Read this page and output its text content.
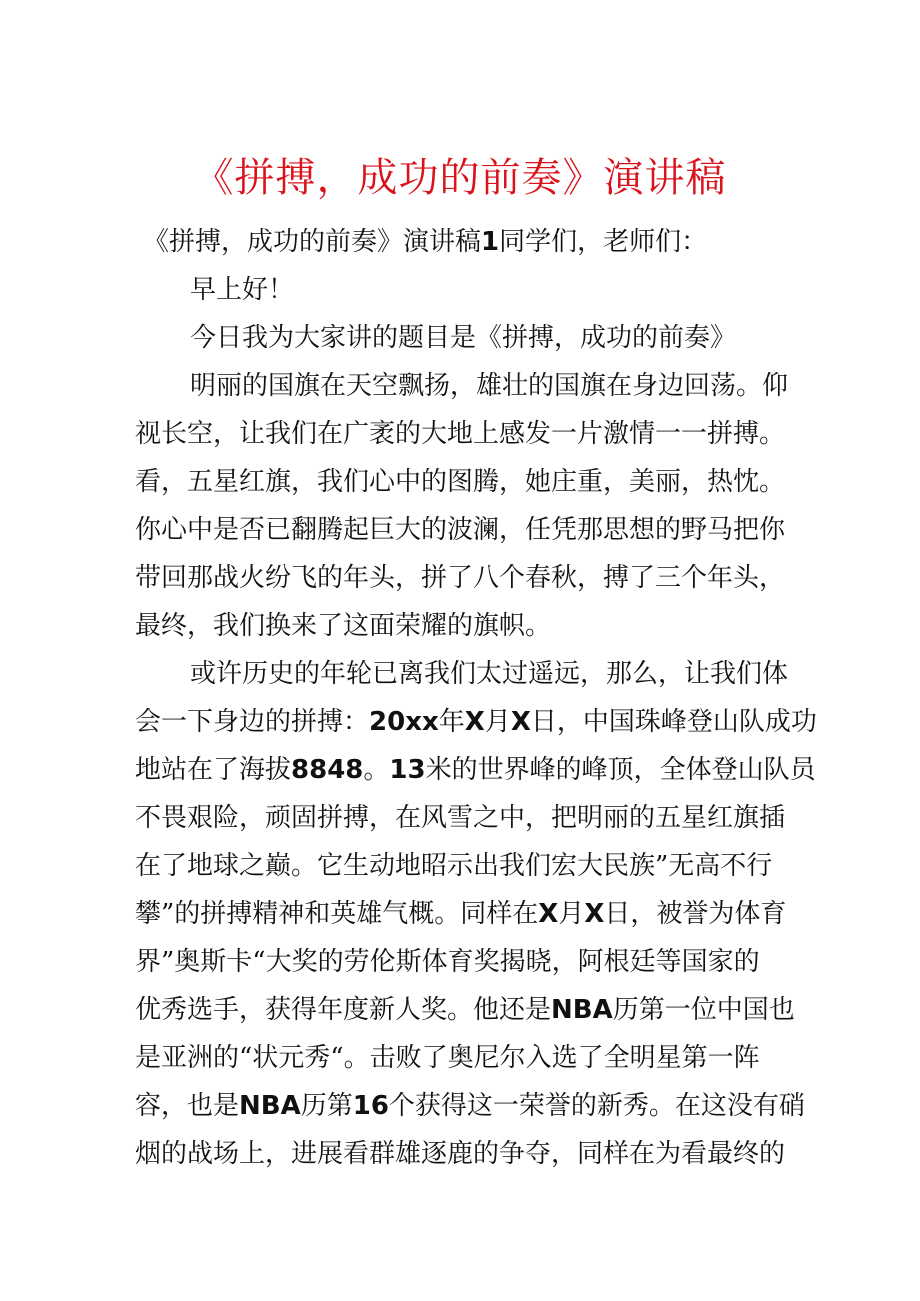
《拼搏，成功的前奏》演讲稿
《拼搏，成功的前奏》演讲稿1同学们，老师们：
早上好！
今日我为大家讲的题目是《拼搏，成功的前奏》
明丽的国旗在天空飘扬，雄壮的国旗在身边回荡。仰
视长空，让我们在广袤的大地上感发一片激情一一拼搏。
看，五星红旗，我们心中的图腾，她庄重，美丽，热忱。
你心中是否已翻腾起巨大的波澜，任凭那思想的野马把你
带回那战火纷飞的年头，拼了八个春秋，搏了三个年头，
最终，我们换来了这面荣耀的旗帜。
或许历史的年轮已离我们太过遥远，那么，让我们体
会一下身边的拼搏：20xx年X月X日，中国珠峰登山队成功
地站在了海拔8848。13米的世界峰的峰顶，全体登山队员
不畏艰险，顽固拼搏，在风雪之中，把明丽的五星红旗插
在了地球之巅。它生动地昭示出我们宏大民族”无高不行
攀”的拼搏精神和英雄气概。同样在X月X日，被誉为体育
界”奥斯卡“大奖的劳伦斯体育奖揭晓，阿根廷等国家的
优秀选手，获得年度新人奖。他还是NBA历第一位中国也
是亚洲的“状元秀“。击败了奥尼尔入选了全明星第一阵
容，也是NBA历第16个获得这一荣誉的新秀。在这没有硝
烟的战场上，进展看群雄逐鹿的争夺，同样在为看最终的
